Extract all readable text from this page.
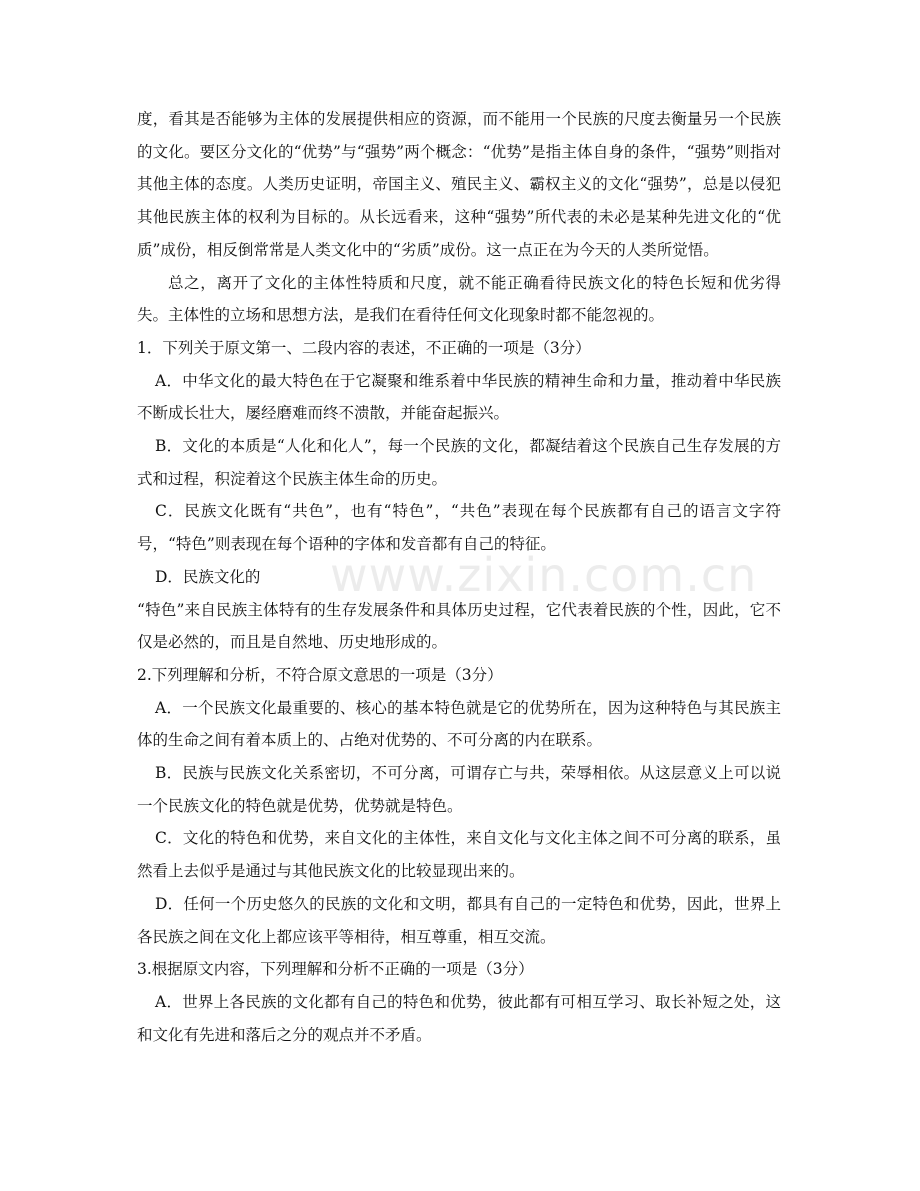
度，看其是否能够为主体的发展提供相应的资源，而不能用一个民族的尺度去衡量另一个民族的文化。要区分文化的“优势”与“强势”两个概念：“优势”是指主体自身的条件，“强势”则指对其他主体的态度。人类历史证明，帝国主义、殖民主义、霸权主义的文化“强势”，总是以侵犯其他民族主体的权利为目标的。从长远看来，这种“强势”所代表的未必是某种先进文化的“优质”成份，相反倒常常是人类文化中的“劣质”成份。这一点正在为今天的人类所觉悟。

总之，离开了文化的主体性特质和尺度，就不能正确看待民族文化的特色长短和优劣得失。主体性的立场和思想方法，是我们在看待任何文化现象时都不能忽视的。

1．下列关于原文第一、二段内容的表述，不正确的一项是（3分）

A．中华文化的最大特色在于它凝聚和维系着中华民族的精神生命和力量，推动着中华民族不断成长壮大，屡经磨难而终不溃散，并能奋起振兴。

B．文化的本质是“人化和化人”，每一个民族的文化，都凝结着这个民族自己生存发展的方式和过程，积淀着这个民族主体生命的历史。

C．民族文化既有“共色”，也有“特色”，“共色”表现在每个民族都有自己的语言文字符号，“特色”则表现在每个语种的字体和发音都有自己的特征。

D．民族文化的

“特色”来自民族主体特有的生存发展条件和具体历史过程，它代表着民族的个性，因此，它不仅是必然的，而且是自然地、历史地形成的。

2.下列理解和分析，不符合原文意思的一项是（3分）

A．一个民族文化最重要的、核心的基本特色就是它的优势所在，因为这种特色与其民族主体的生命之间有着本质上的、占绝对优势的、不可分离的内在联系。

B．民族与民族文化关系密切，不可分离，可谓存亡与共，荣辱相依。从这层意义上可以说一个民族文化的特色就是优势，优势就是特色。

C．文化的特色和优势，来自文化的主体性，来自文化与文化主体之间不可分离的联系，虽然看上去似乎是通过与其他民族文化的比较显现出来的。

D．任何一个历史悠久的民族的文化和文明，都具有自己的一定特色和优势，因此，世界上各民族之间在文化上都应该平等相待，相互尊重，相互交流。

3.根据原文内容，下列理解和分析不正确的一项是（3分）

A．世界上各民族的文化都有自己的特色和优势，彼此都有可相互学习、取长补短之处，这和文化有先进和落后之分的观点并不矛盾。

www.zixin.com.cn
